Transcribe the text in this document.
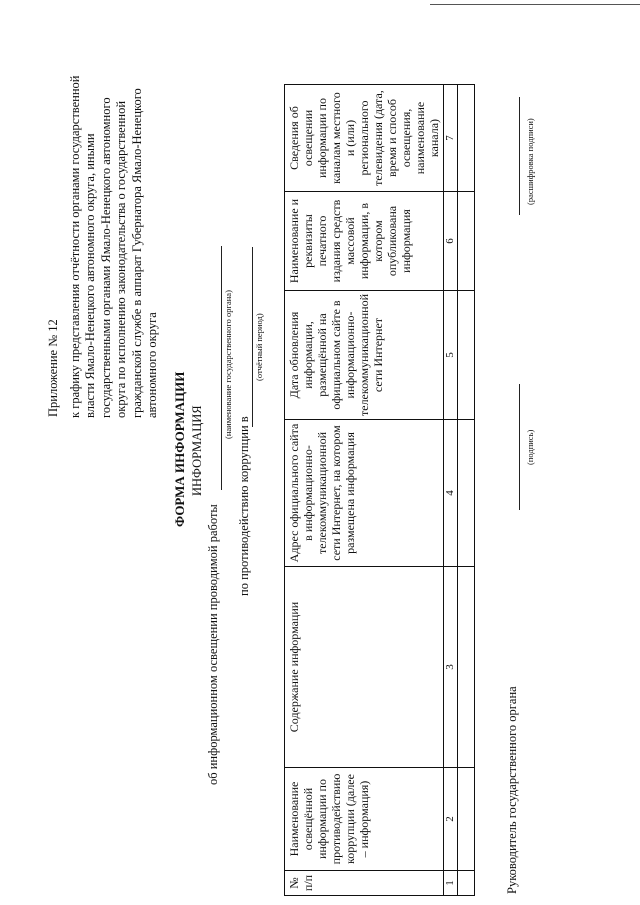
Приложение № 12 к графику представления отчётности органами государственной власти Ямало-Ненецкого автономного округа, иными государственными органами Ямало-Ненецкого автономного округа по исполнению законодательства о государственной гражданской службе в аппарат Губернатора Ямало-Ненецкого автономного округа
ФОРМА ИНФОРМАЦИИ ИНФОРМАЦИЯ
об информационном освещении проводимой работы
(наименование государственного органа)
по противодействию коррупции в
(отчётный период)
№ п/п	Наименование освещённой информации по противодействию коррупции (далее – информация)	Содержание информации	Адрес официального сайта в информационно-телекоммуникационной сети Интернет, на котором размещена информация	Дата обновления информации, размещённой на официальном сайте в информационно-телекоммуникационной сети Интернет	Наименование и реквизиты печатного издания средств массовой информации, в котором опубликована информация	Сведения об освещении информации по каналам местного и (или) регионального телевидения (дата, время и способ освещения, наименование канала)
1	2	3	4	5	6	7

Руководитель государственного органа
(подпись)
(расшифровка подписи)
